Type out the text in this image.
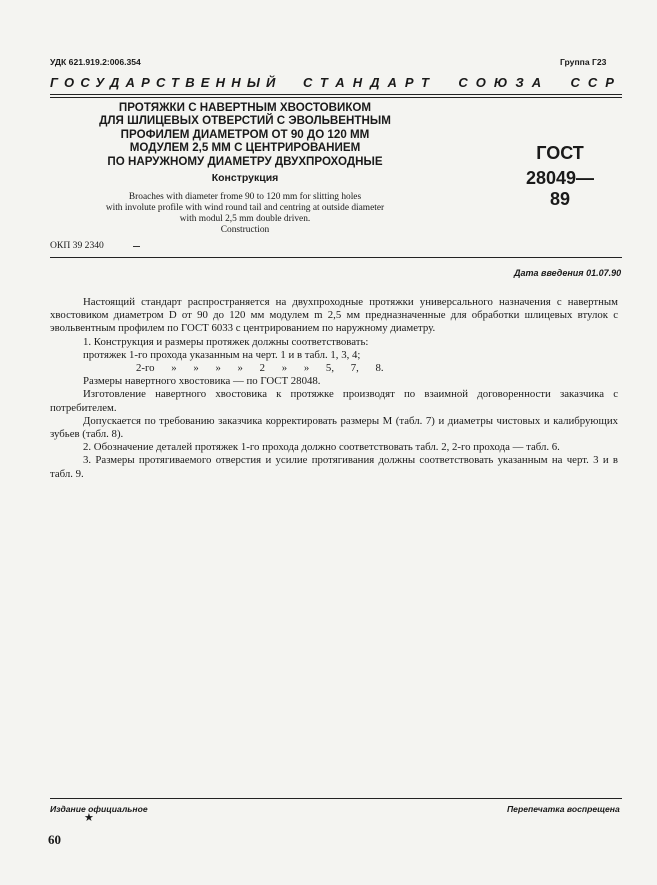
УДК 621.919.2:006.354	Группа Г23
ГОСУДАРСТВЕННЫЙ СТАНДАРТ СОЮЗА ССР
ПРОТЯЖКИ С НАВЕРТНЫМ ХВОСТОВИКОМ
ДЛЯ ШЛИЦЕВЫХ ОТВЕРСТИЙ С ЭВОЛЬВЕНТНЫМ
ПРОФИЛЕМ ДИАМЕТРОМ ОТ 90 ДО 120 ММ
МОДУЛЕМ 2,5 ММ С ЦЕНТРИРОВАНИЕМ
ПО НАРУЖНОМУ ДИАМЕТРУ ДВУХПРОХОДНЫЕ
Конструкция
Broaches with diameter frome 90 to 120 mm for slitting holes
with involute profile with wind round tail and centring at outside diameter
with modul 2,5 mm double driven.
Construction
ГОСТ
28049—89
ОКП 39 2340
Дата введения 01.07.90

Настоящий стандарт распространяется на двухпроходные протяжки универсального назначения с навертным хвостовиком диаметром D от 90 до 120 мм модулем m 2,5 мм предназначенные для обработки шлицевых втулок с эвольвентным профилем по ГОСТ 6033 с центрированием по наружному диаметру.

1. Конструкция и размеры протяжек должны соответствовать:

протяжек 1-го прохода указанным на черт. 1 и в табл. 1, 3, 4;

2-го » » » » 2 » » 5, 7, 8.

Размеры навертного хвостовика — по ГОСТ 28048.

Изготовление навертного хвостовика к протяжке производят по взаимной договоренности заказчика с потребителем.

Допускается по требованию заказчика корректировать размеры М (табл. 7) и диаметры чистовых и калибрующих зубьев (табл. 8).

2. Обозначение деталей протяжек 1-го прохода должно соответствовать табл. 2, 2-го прохода — табл. 6.

3. Размеры протягиваемого отверстия и усилие протягивания должны соответствовать указанным на черт. 3 и в табл. 9.

Издание официальное	Перепечатка воспрещена
★
60
